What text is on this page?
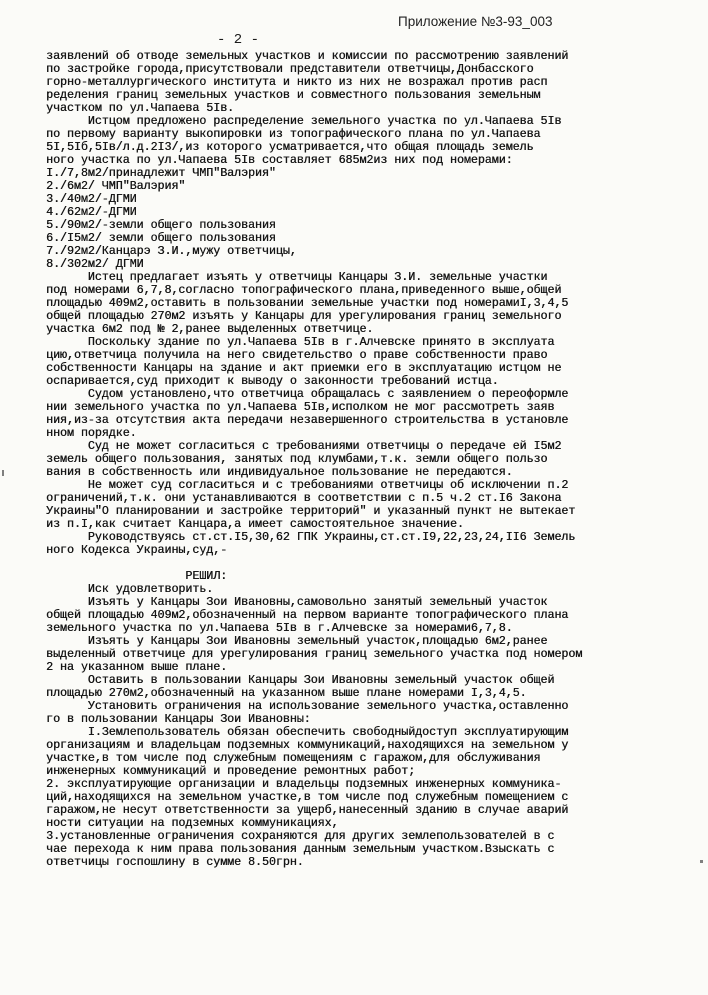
Приложение №3-93_003
- 2 -
заявлений об отводе земельных участков и комиссии по рассмотрению заявлений
по застройке города,присутствовали представители ответчицы,Донбасского
горно-металлургического института и никто из них не возражал против расп
ределения границ земельных участков и совместного пользования земельным
участком по ул.Чапаева 5Iв.
Истцом предложено распределение земельного участка по ул.Чапаева 5Iв
по первому варианту выкопировки из топографического плана по ул.Чапаева
5I,5Iб,5Iв/л.д.2I3/,из которого усматривается,что общая площадь земель
ного участка по ул.Чапаева 5Iв составляет 685м2из них под номерами:
I./7,8м2/принадлежит ЧМП"Валэрия"
2./6м2/ ЧМП"Валэрия"
3./40м2/-ДГМИ
4./62м2/-ДГМИ
5./90м2/-земли общего пользования
6./I5м2/ земли общего пользования
7./92м2/Канцарэ З.И.,мужу ответчицы,
8./302м2/ ДГМИ
Истец предлагает изъять у ответчицы Канцары З.И. земельные участки
под номерами 6,7,8,согласно топографического плана,приведенного выше,общей
площадью 409м2,оставить в пользовании земельные участки под номерамиI,3,4,5
общей площадью 270м2 изъять у Канцары для урегулирования границ земельного
участка 6м2 под № 2,ранее выделенных ответчице.
Поскольку здание по ул.Чапаева 5Iв в г.Алчевске принято в эксплуата
цию,ответчица получила на него свидетельство о праве собственности право
собственности Канцары на здание и акт приемки его в эксплуатацию истцом не
оспаривается,суд приходит к выводу о законности требований истца.
Судом установлено,что ответчица обращалась с заявлением о переоформле
нии земельного участка по ул.Чапаева 5Iв,исполком не мог рассмотреть заяв
ния,из-за отсутствия акта передачи незавершенного строительства в установле
нном порядке.
Суд не может согласиться с требованиями ответчицы о передаче ей I5м2
земель общего пользования, занятых под клумбами,т.к. земли общего пользо
вания в собственность или индивидуальное пользование не передаются.
Не может суд согласиться и с требованиями ответчицы об исключении п.2
ограничений,т.к. они устанавливаются в соответствии с п.5 ч.2 ст.I6 Закона
Украины"О планировании и застройке территорий" и указанный пункт не вытекает
из п.I,как считает Канцара,а имеет самостоятельное значение.
Руководствуясь ст.ст.I5,30,62 ГПК Украины,ст.ст.I9,22,23,24,II6 Земель
ного Кодекса Украины,суд,-
РЕШИЛ:
Иск удовлетворить.
Изъять у Канцары Зои Ивановны,самовольно занятый земельный участок
общей площадью 409м2,обозначенный на первом варианте топографического плана
земельного участка по ул.Чапаева 5Iв в г.Алчевске за номерами6,7,8.
Изъять у Канцары Зои Ивановны земельный участок,площадью 6м2,ранее
выделенный ответчице для урегулирования границ земельного участка под номером
2 на указанном выше плане.
Оставить в пользовании Канцары Зои Ивановны земельный участок общей
площадью 270м2,обозначенный на указанном выше плане номерами I,3,4,5.
Установить ограничения на использование земельного участка,оставленно
го в пользовании Канцары Зои Ивановны:
I.Землепользователь обязан обеспечить свободныйдоступ эксплуатирующим
организациям и владельцам подземных коммуникаций,находящихся на земельном у
участке,в том числе под служебным помещениям с гаражом,для обслуживания
инженерных коммуникаций и проведение ремонтных работ;
2. эксплуатирующие организации и владельцы подземных инженерных коммуника-
ций,находящихся на земельном участке,в том числе под служебным помещением с
гаражом,не несут ответственности за ущерб,нанесенный зданию в случае аварий
ности ситуации на подземных коммуникациях,
3.установленные ограничения сохраняются для других землепользователей в с
чае перехода к ним права пользования данным земельным участком.Взыскать с
ответчицы госпошлину в сумме 8.50грн.
